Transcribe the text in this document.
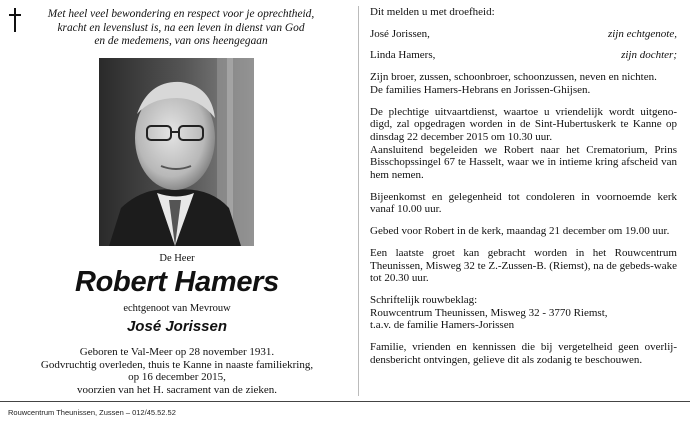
Met heel veel bewondering en respect voor je oprechtheid,
kracht en levenslust is, na een leven in dienst van God
en de medemens, van ons heengegaan
De Heer
Robert Hamers
echtgenoot van Mevrouw
José Jorissen
Geboren te Val-Meer op 28 november 1931.
Godvruchtig overleden, thuis te Kanne in naaste familiekring,
op 16 december 2015,
voorzien van het H. sacrament van de zieken.

Dit melden u met droefheid:

José Jorissen,	zijn echtgenote,
Linda Hamers,	zijn dochter;

Zijn broer, zussen, schoonbroer, schoonzussen, neven en nichten.

De families Hamers-Hebrans en Jorissen-Ghijsen.

De plechtige uitvaartdienst, waartoe u vriendelijk wordt uitgeno-digd, zal opgedragen worden in de Sint-Hubertuskerk te Kanne op dinsdag 22 december 2015 om 10.30 uur.

Aansluitend begeleiden we Robert naar het Crematorium, Prins Bisschopssingel 67 te Hasselt, waar we in intieme kring afscheid van hem nemen.

Bijeenkomst en gelegenheid tot condoleren in voornoemde kerk vanaf 10.00 uur.

Gebed voor Robert in de kerk, maandag 21 december om 19.00 uur.

Een laatste groet kan gebracht worden in het Rouwcentrum Theunissen, Misweg 32 te Z.-Zussen-B. (Riemst), na de gebeds-wake tot 20.30 uur.

Schriftelijk rouwbeklag:

Rouwcentrum Theunissen, Misweg 32 - 3770 Riemst,

t.a.v. de familie Hamers-Jorissen

Familie, vrienden en kennissen die bij vergetelheid geen overlij-densbericht ontvingen, gelieve dit als zodanig te beschouwen.

Rouwcentrum Theunissen, Zussen – 012/45.52.52
